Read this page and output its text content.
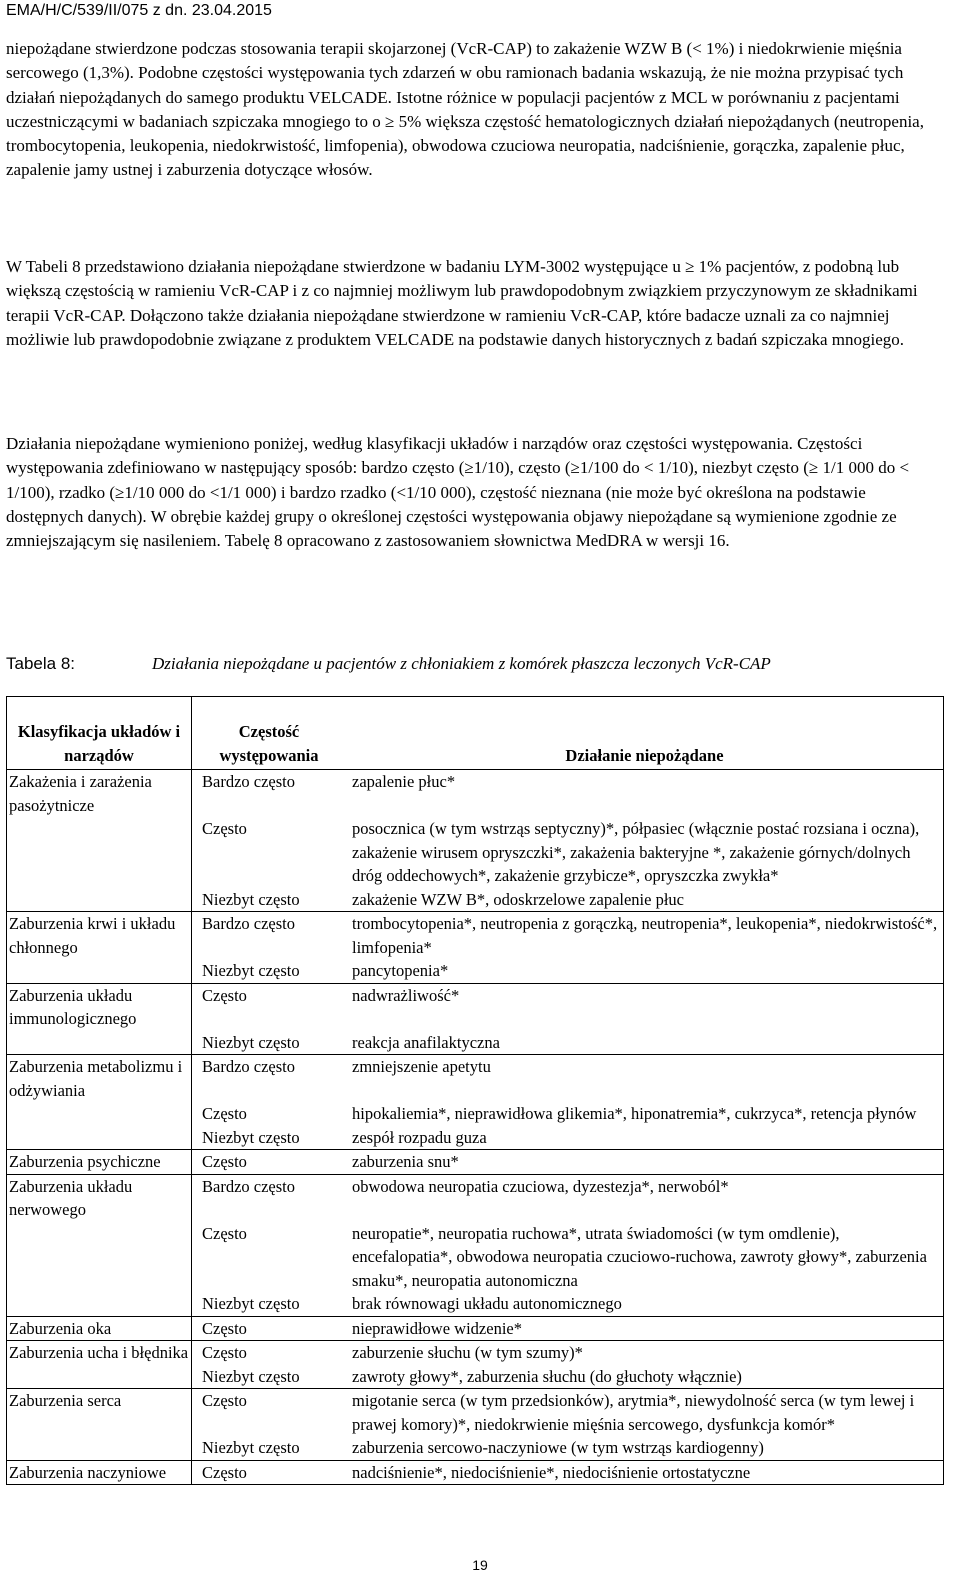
EMA/H/C/539/II/075 z dn. 23.04.2015
niepożądane stwierdzone podczas stosowania terapii skojarzonej (VcR-CAP) to zakażenie WZW B (< 1%) i niedokrwienie mięśnia sercowego (1,3%). Podobne częstości występowania tych zdarzeń w obu ramionach badania wskazują, że nie można przypisać tych działań niepożądanych do samego produktu VELCADE. Istotne różnice w populacji pacjentów z MCL w porównaniu z pacjentami uczestniczącymi w badaniach szpiczaka mnogiego to o ≥ 5% większa częstość hematologicznych działań niepożądanych (neutropenia, trombocytopenia, leukopenia, niedokrwistość, limfopenia), obwodowa czuciowa neuropatia, nadciśnienie, gorączka, zapalenie płuc, zapalenie jamy ustnej i zaburzenia dotyczące włosów.
W Tabeli 8 przedstawiono działania niepożądane stwierdzone w badaniu LYM-3002 występujące u ≥ 1% pacjentów, z podobną lub większą częstością w ramieniu VcR-CAP i z co najmniej możliwym lub prawdopodobnym związkiem przyczynowym ze składnikami terapii VcR-CAP. Dołączono także działania niepożądane stwierdzone w ramieniu VcR-CAP, które badacze uznali za co najmniej możliwie lub prawdopodobnie związane z produktem VELCADE na podstawie danych historycznych z badań szpiczaka mnogiego.
Działania niepożądane wymieniono poniżej, według klasyfikacji układów i narządów oraz częstości występowania. Częstości występowania zdefiniowano w następujący sposób: bardzo często (≥1/10), często (≥1/100 do < 1/10), niezbyt często (≥ 1/1 000 do < 1/100), rzadko (≥1/10 000 do <1/1 000) i bardzo rzadko (<1/10 000), częstość nieznana (nie może być określona na podstawie dostępnych danych). W obrębie każdej grupy o określonej częstości występowania objawy niepożądane są wymienione zgodnie ze zmniejszającym się nasileniem. Tabelę 8 opracowano z zastosowaniem słownictwa MedDRA w wersji 16.
Tabela 8:	Działania niepożądane u pacjentów z chłoniakiem z komórek płaszcza leczonych VcR-CAP
Klasyfikacja układów i narządów	Częstość występowania	Działanie niepożądane
Zakażenia i zarażenia pasożytnicze	Bardzo często	zapalenie płuc*
	Często	posocznica (w tym wstrząs septyczny)*, półpasiec (włącznie postać rozsiana i oczna), zakażenie wirusem opryszczki*, zakażenia bakteryjne *, zakażenie górnych/dolnych dróg oddechowych*, zakażenie grzybicze*, opryszczka zwykła*
	Niezbyt często	zakażenie WZW B*, odoskrzelowe zapalenie płuc
Zaburzenia krwi i układu chłonnego	Bardzo często	trombocytopenia*, neutropenia z gorączką, neutropenia*, leukopenia*, niedokrwistość*, limfopenia*
	Niezbyt często	pancytopenia*
Zaburzenia układu immunologicznego	Często	nadwrażliwość*
	Niezbyt często	reakcja anafilaktyczna
Zaburzenia metabolizmu i odżywiania	Bardzo często	zmniejszenie apetytu
	Często	hipokaliemia*, nieprawidłowa glikemia*, hiponatremia*, cukrzyca*, retencja płynów
	Niezbyt często	zespół rozpadu guza
Zaburzenia psychiczne	Często	zaburzenia snu*
Zaburzenia układu nerwowego	Bardzo często	obwodowa neuropatia czuciowa, dyzestezja*, nerwoból*
	Często	neuropatie*, neuropatia ruchowa*, utrata świadomości (w tym omdlenie), encefalopatia*, obwodowa neuropatia czuciowo-ruchowa, zawroty głowy*, zaburzenia smaku*, neuropatia autonomiczna
	Niezbyt często	brak równowagi układu autonomicznego
Zaburzenia oka	Często	nieprawidłowe widzenie*
Zaburzenia ucha i błędnika	Często	zaburzenie słuchu (w tym szumy)*
	Niezbyt często	zawroty głowy*, zaburzenia słuchu (do głuchoty włącznie)
Zaburzenia serca	Często	migotanie serca (w tym przedsionków), arytmia*, niewydolność serca (w tym lewej i prawej komory)*, niedokrwienie mięśnia sercowego, dysfunkcja komór*
	Niezbyt często	zaburzenia sercowo-naczyniowe (w tym wstrząs kardiogenny)
Zaburzenia naczyniowe	Często	nadciśnienie*, niedociśnienie*, niedociśnienie ortostatyczne
19
